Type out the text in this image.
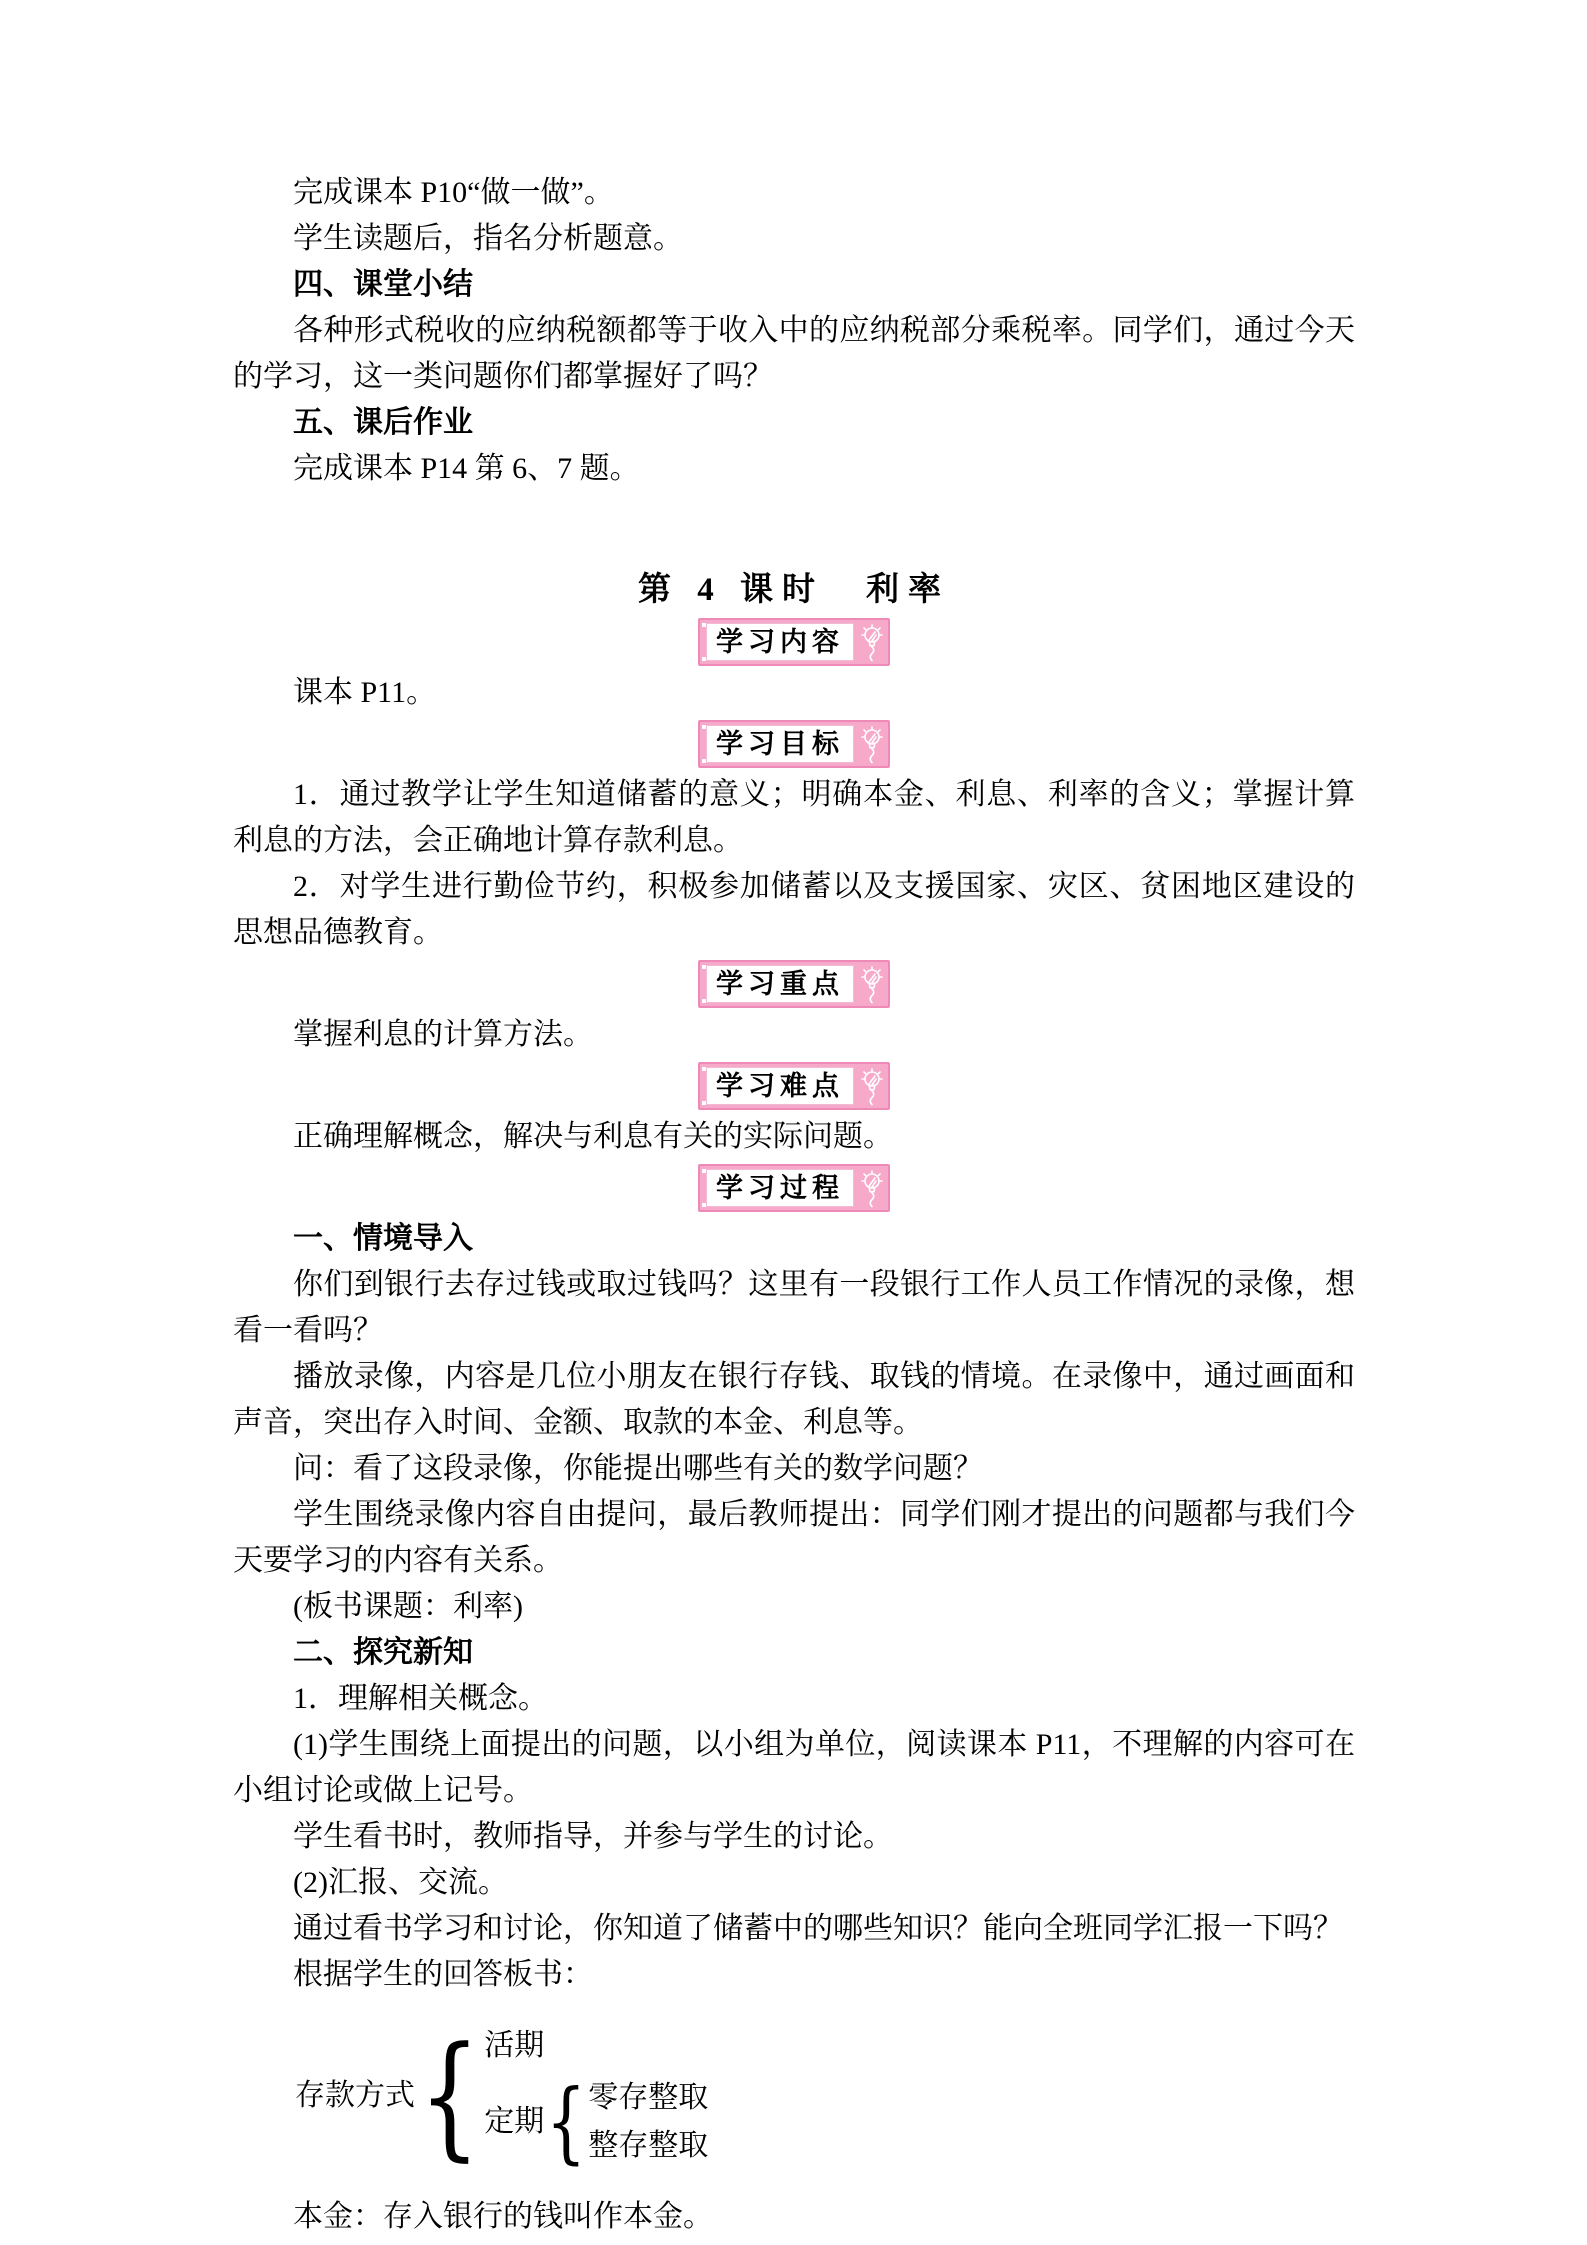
完成课本 P10“做一做”。

学生读题后，指名分析题意。

四、课堂小结

各种形式税收的应纳税额都等于收入中的应纳税部分乘税率。同学们，通过今天的学习，这一类问题你们都掌握好了吗？

五、课后作业

完成课本 P14 第 6、7 题。

第 4 课时　利率
学习内容

课本 P11。

学习目标

1．通过教学让学生知道储蓄的意义；明确本金、利息、利率的含义；掌握计算利息的方法，会正确地计算存款利息。

2．对学生进行勤俭节约，积极参加储蓄以及支援国家、灾区、贫困地区建设的思想品德教育。

学习重点

掌握利息的计算方法。

学习难点

正确理解概念，解决与利息有关的实际问题。

学习过程
一、情境导入

你们到银行去存过钱或取过钱吗？这里有一段银行工作人员工作情况的录像，想看一看吗？

播放录像，内容是几位小朋友在银行存钱、取钱的情境。在录像中，通过画面和声音，突出存入时间、金额、取款的本金、利息等。

问：看了这段录像，你能提出哪些有关的数学问题？

学生围绕录像内容自由提问，最后教师提出：同学们刚才提出的问题都与我们今天要学习的内容有关系。

(板书课题：利率)

二、探究新知

1．理解相关概念。

(1)学生围绕上面提出的问题，以小组为单位，阅读课本 P11，不理解的内容可在小组讨论或做上记号。

学生看书时，教师指导，并参与学生的讨论。

(2)汇报、交流。

通过看书学习和讨论，你知道了储蓄中的哪些知识？能向全班同学汇报一下吗？

根据学生的回答板书：

存款方式 { 活期
定期 { 零存整取
整存整取

本金：存入银行的钱叫作本金。
